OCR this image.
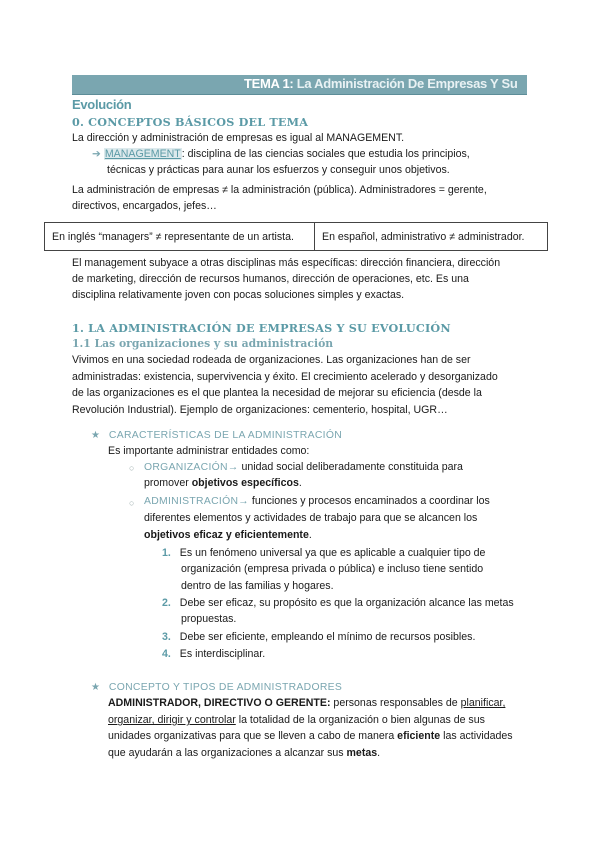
TEMA 1: La Administración De Empresas Y Su
Evolución
0. CONCEPTOS BÁSICOS DEL TEMA
La dirección y administración de empresas es igual al MANAGEMENT.
➔ MANAGEMENT: disciplina de las ciencias sociales que estudia los principios,
técnicas y prácticas para aunar los esfuerzos y conseguir unos objetivos.
La administración de empresas ≠ la administración (pública). Administradores = gerente,
directivos, encargados, jefes…
En inglés “managers” ≠ representante de un artista.	En español, administrativo ≠ administrador.
El management subyace a otras disciplinas más específicas: dirección financiera, dirección
de marketing, dirección de recursos humanos, dirección de operaciones, etc. Es una
disciplina relativamente joven con pocas soluciones simples y exactas.
1. LA ADMINISTRACIÓN DE EMPRESAS Y SU EVOLUCIÓN
1.1 Las organizaciones y su administración
Vivimos en una sociedad rodeada de organizaciones. Las organizaciones han de ser
administradas: existencia, supervivencia y éxito. El crecimiento acelerado y desorganizado
de las organizaciones es el que plantea la necesidad de mejorar su eficiencia (desde la
Revolución Industrial). Ejemplo de organizaciones: cementerio, hospital, UGR…
★ CARACTERÍSTICAS DE LA ADMINISTRACIÓN
Es importante administrar entidades como:
○ ORGANIZACIÓN→ unidad social deliberadamente constituida para
promover objetivos específicos.
○ ADMINISTRACIÓN→ funciones y procesos encaminados a coordinar los
diferentes elementos y actividades de trabajo para que se alcancen los
objetivos eficaz y eficientemente.
1. Es un fenómeno universal ya que es aplicable a cualquier tipo de
organización (empresa privada o pública) e incluso tiene sentido
dentro de las familias y hogares.
2. Debe ser eficaz, su propósito es que la organización alcance las metas
propuestas.
3. Debe ser eficiente, empleando el mínimo de recursos posibles.
4. Es interdisciplinar.
★ CONCEPTO Y TIPOS DE ADMINISTRADORES
ADMINISTRADOR, DIRECTIVO O GERENTE: personas responsables de planificar,
organizar, dirigir y controlar la totalidad de la organización o bien algunas de sus
unidades organizativas para que se lleven a cabo de manera eficiente las actividades
que ayudarán a las organizaciones a alcanzar sus metas.
